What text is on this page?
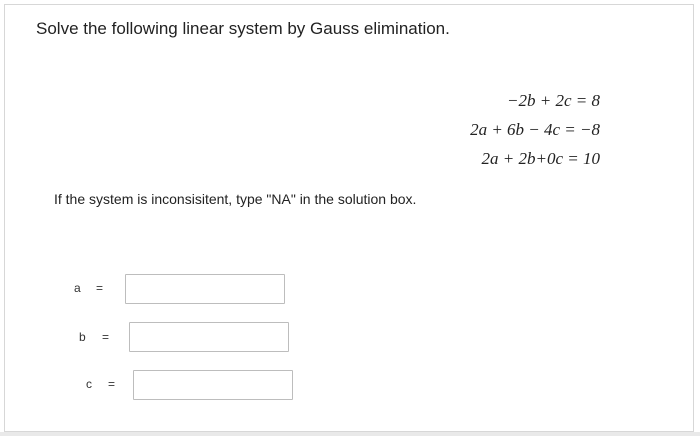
Solve the following linear system by Gauss elimination.
−2b + 2c = 8
2a + 6b − 4c = −8
2a + 2b+0c = 10
If the system is inconsisitent, type "NA" in the solution box.
a =
b =
c =
